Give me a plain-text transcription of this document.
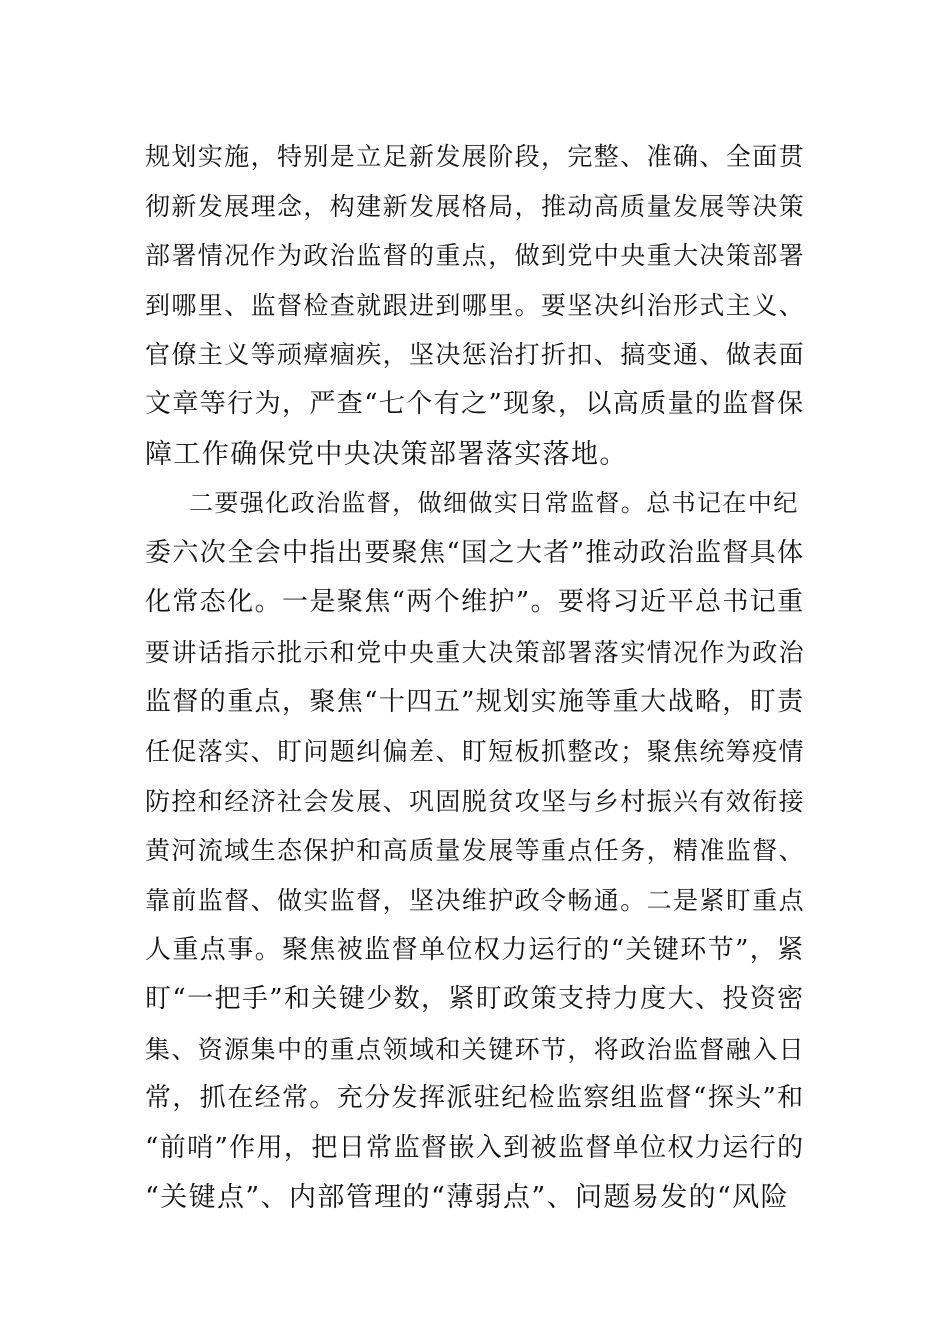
规划实施，特别是立足新发展阶段，完整、准确、全面贯
彻新发展理念，构建新发展格局，推动高质量发展等决策
部署情况作为政治监督的重点，做到党中央重大决策部署
到哪里、监督检查就跟进到哪里。要坚决纠治形式主义、
官僚主义等顽瘴痼疾，坚决惩治打折扣、搞变通、做表面
文章等行为，严查“七个有之”现象，以高质量的监督保
障工作确保党中央决策部署落实落地。
二要强化政治监督，做细做实日常监督。总书记在中纪
委六次全会中指出要聚焦“国之大者”推动政治监督具体
化常态化。一是聚焦“两个维护”。要将习近平总书记重
要讲话指示批示和党中央重大决策部署落实情况作为政治
监督的重点，聚焦“十四五”规划实施等重大战略，盯责
任促落实、盯问题纠偏差、盯短板抓整改；聚焦统筹疫情
防控和经济社会发展、巩固脱贫攻坚与乡村振兴有效衔接
黄河流域生态保护和高质量发展等重点任务，精准监督、
靠前监督、做实监督，坚决维护政令畅通。二是紧盯重点
人重点事。聚焦被监督单位权力运行的“关键环节”，紧
盯“一把手”和关键少数，紧盯政策支持力度大、投资密
集、资源集中的重点领域和关键环节，将政治监督融入日
常，抓在经常。充分发挥派驻纪检监察组监督“探头”和
“前哨”作用，把日常监督嵌入到被监督单位权力运行的
“关键点”、内部管理的“薄弱点”、问题易发的“风险
